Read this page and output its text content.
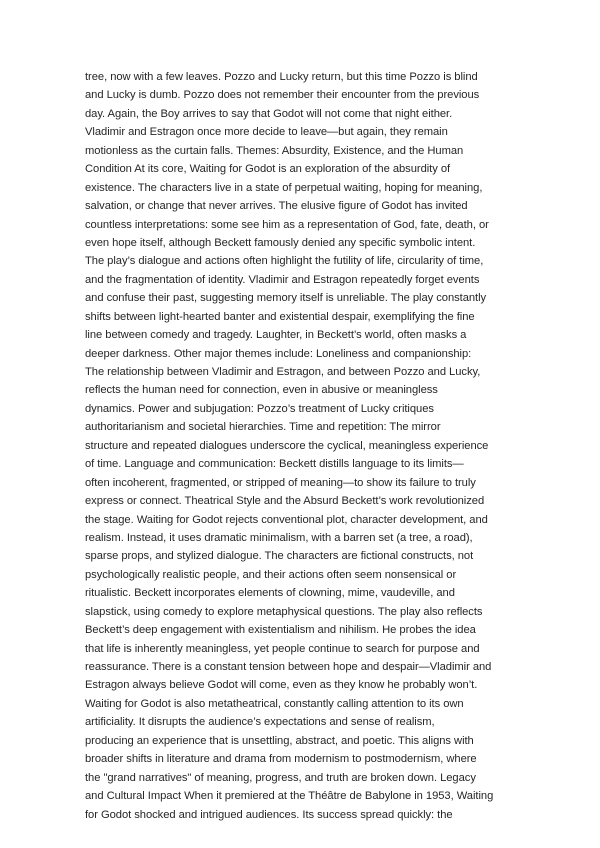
tree, now with a few leaves. Pozzo and Lucky return, but this time Pozzo is blind
and Lucky is dumb. Pozzo does not remember their encounter from the previous
day. Again, the Boy arrives to say that Godot will not come that night either.
Vladimir and Estragon once more decide to leave—but again, they remain
motionless as the curtain falls. Themes: Absurdity, Existence, and the Human
Condition At its core, Waiting for Godot is an exploration of the absurdity of
existence. The characters live in a state of perpetual waiting, hoping for meaning,
salvation, or change that never arrives. The elusive figure of Godot has invited
countless interpretations: some see him as a representation of God, fate, death, or
even hope itself, although Beckett famously denied any specific symbolic intent.
The play’s dialogue and actions often highlight the futility of life, circularity of time,
and the fragmentation of identity. Vladimir and Estragon repeatedly forget events
and confuse their past, suggesting memory itself is unreliable. The play constantly
shifts between light-hearted banter and existential despair, exemplifying the fine
line between comedy and tragedy. Laughter, in Beckett’s world, often masks a
deeper darkness. Other major themes include: Loneliness and companionship:
The relationship between Vladimir and Estragon, and between Pozzo and Lucky,
reflects the human need for connection, even in abusive or meaningless
dynamics. Power and subjugation: Pozzo’s treatment of Lucky critiques
authoritarianism and societal hierarchies. Time and repetition: The mirror
structure and repeated dialogues underscore the cyclical, meaningless experience
of time. Language and communication: Beckett distills language to its limits—
often incoherent, fragmented, or stripped of meaning—to show its failure to truly
express or connect. Theatrical Style and the Absurd Beckett’s work revolutionized
the stage. Waiting for Godot rejects conventional plot, character development, and
realism. Instead, it uses dramatic minimalism, with a barren set (a tree, a road),
sparse props, and stylized dialogue. The characters are fictional constructs, not
psychologically realistic people, and their actions often seem nonsensical or
ritualistic. Beckett incorporates elements of clowning, mime, vaudeville, and
slapstick, using comedy to explore metaphysical questions. The play also reflects
Beckett’s deep engagement with existentialism and nihilism. He probes the idea
that life is inherently meaningless, yet people continue to search for purpose and
reassurance. There is a constant tension between hope and despair—Vladimir and
Estragon always believe Godot will come, even as they know he probably won’t.
Waiting for Godot is also metatheatrical, constantly calling attention to its own
artificiality. It disrupts the audience’s expectations and sense of realism,
producing an experience that is unsettling, abstract, and poetic. This aligns with
broader shifts in literature and drama from modernism to postmodernism, where
the "grand narratives" of meaning, progress, and truth are broken down. Legacy
and Cultural Impact When it premiered at the Théâtre de Babylone in 1953, Waiting
for Godot shocked and intrigued audiences. Its success spread quickly: the
